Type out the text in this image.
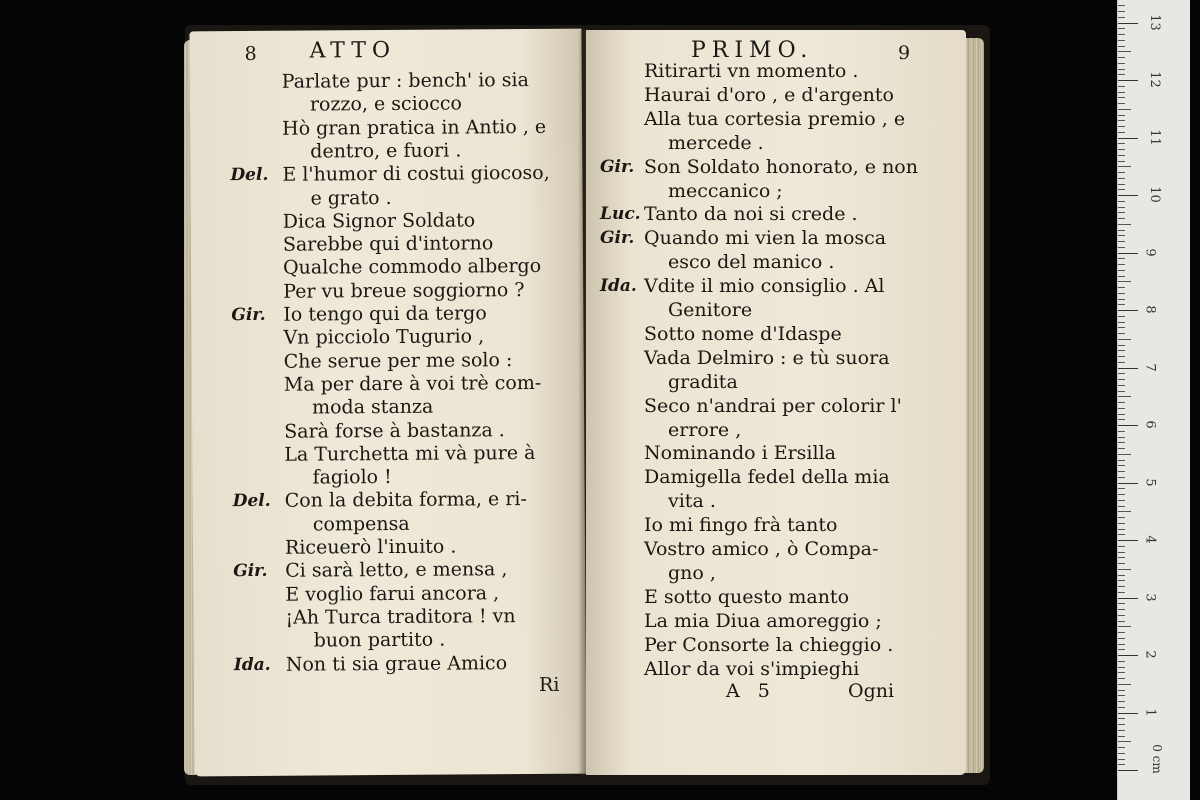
8 ATTO
Parlate pur : bench' io sia
rozzo, e sciocco
Hò gran pratica in Antio , e
dentro, e fuori .
Del. E l'humor di costui giocoso,
e grato .
Dica Signor Soldato
Sarebbe qui d'intorno
Qualche commodo albergo
Per vu breue soggiorno ?
Gir. Io tengo qui da tergo
Vn picciolo Tugurio ,
Che serue per me solo :
Ma per dare à voi trè com-
moda stanza
Sarà forse à bastanza .
La Turchetta mi và pure à
fagiolo !
Del. Con la debita forma, e ri-
compensa
Riceuerò l'inuito .
Gir. Ci sarà letto, e mensa ,
E voglio farui ancora ,
¡Ah Turca traditora ! vn
buon partito .
Ida. Non ti sia graue Amico
Ri
PRIMO.	9
Ritirarti vn momento .
Haurai d'oro , e d'argento
Alla tua cortesia premio , e
mercede .
Gir. Son Soldato honorato, e non
meccanico ;
Luc. Tanto da noi si crede .
Gir. Quando mi vien la mosca
esco del manico .
Ida. Vdite il mio consiglio . Al
Genitore
Sotto nome d'Idaspe
Vada Delmiro : e tù suora
gradita
Seco n'andrai per colorir l'
errore ,
Nominando i Ersilla
Damigella fedel della mia
vita .
Io mi fingo frà tanto
Vostro amico , ò Compa-
gno ,
E sotto questo manto
La mia Diua amoreggio ;
Per Consorte la chieggio .
Allor da voi s'impieghi
A 5	Ogni
0 cm
1
2
3
4
5
6
7
8
9
10
11
12
13
